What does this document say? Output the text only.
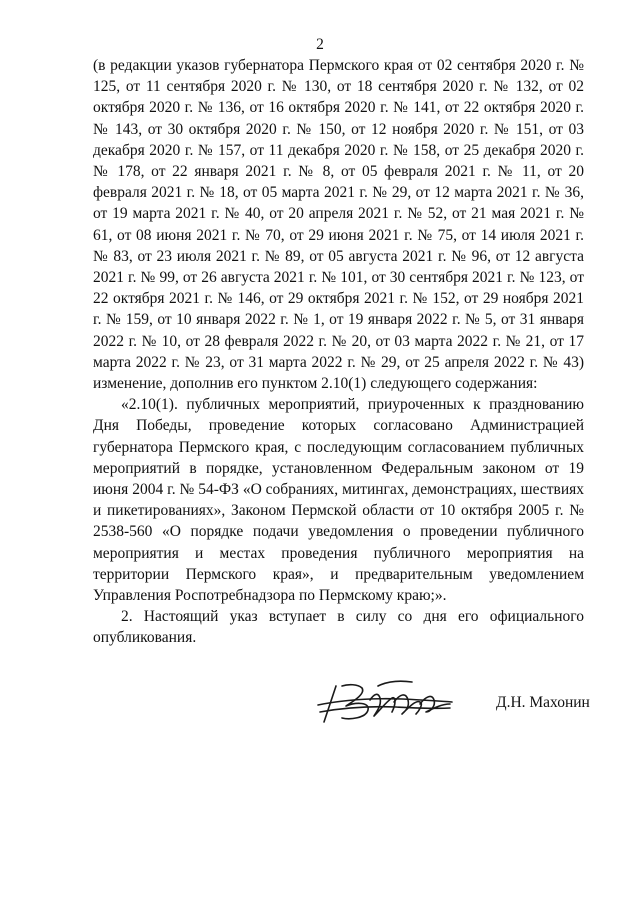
2

(в редакции указов губернатора Пермского края от 02 сентября 2020 г. № 125, от 11 сентября 2020 г. № 130, от 18 сентября 2020 г. № 132, от 02 октября 2020 г. № 136, от 16 октября 2020 г. № 141, от 22 октября 2020 г. № 143, от 30 октября 2020 г. № 150, от 12 ноября 2020 г. № 151, от 03 декабря 2020 г. № 157, от 11 декабря 2020 г. № 158, от 25 декабря 2020 г. № 178, от 22 января 2021 г. № 8, от 05 февраля 2021 г. № 11, от 20 февраля 2021 г. № 18, от 05 марта 2021 г. № 29, от 12 марта 2021 г. № 36, от 19 марта 2021 г. № 40, от 20 апреля 2021 г. № 52, от 21 мая 2021 г. № 61, от 08 июня 2021 г. № 70, от 29 июня 2021 г. № 75, от 14 июля 2021 г. № 83, от 23 июля 2021 г. № 89, от 05 августа 2021 г. № 96, от 12 августа 2021 г. № 99, от 26 августа 2021 г. № 101, от 30 сентября 2021 г. № 123, от 22 октября 2021 г. № 146, от 29 октября 2021 г. № 152, от 29 ноября 2021 г. № 159, от 10 января 2022 г. № 1, от 19 января 2022 г. № 5, от 31 января 2022 г. № 10, от 28 февраля 2022 г. № 20, от 03 марта 2022 г. № 21, от 17 марта 2022 г. № 23, от 31 марта 2022 г. № 29, от 25 апреля 2022 г. № 43) изменение, дополнив его пунктом 2.10(1) следующего содержания:

«2.10(1). публичных мероприятий, приуроченных к празднованию Дня Победы, проведение которых согласовано Администрацией губернатора Пермского края, с последующим согласованием публичных мероприятий в порядке, установленном Федеральным законом от 19 июня 2004 г. № 54-ФЗ «О собраниях, митингах, демонстрациях, шествиях и пикетированиях», Законом Пермской области от 10 октября 2005 г. № 2538-560 «О порядке подачи уведомления о проведении публичного мероприятия и местах проведения публичного мероприятия на территории Пермского края», и предварительным уведомлением Управления Роспотребнадзора по Пермскому краю;».

2. Настоящий указ вступает в силу со дня его официального опубликования.

Д.Н. Махонин
